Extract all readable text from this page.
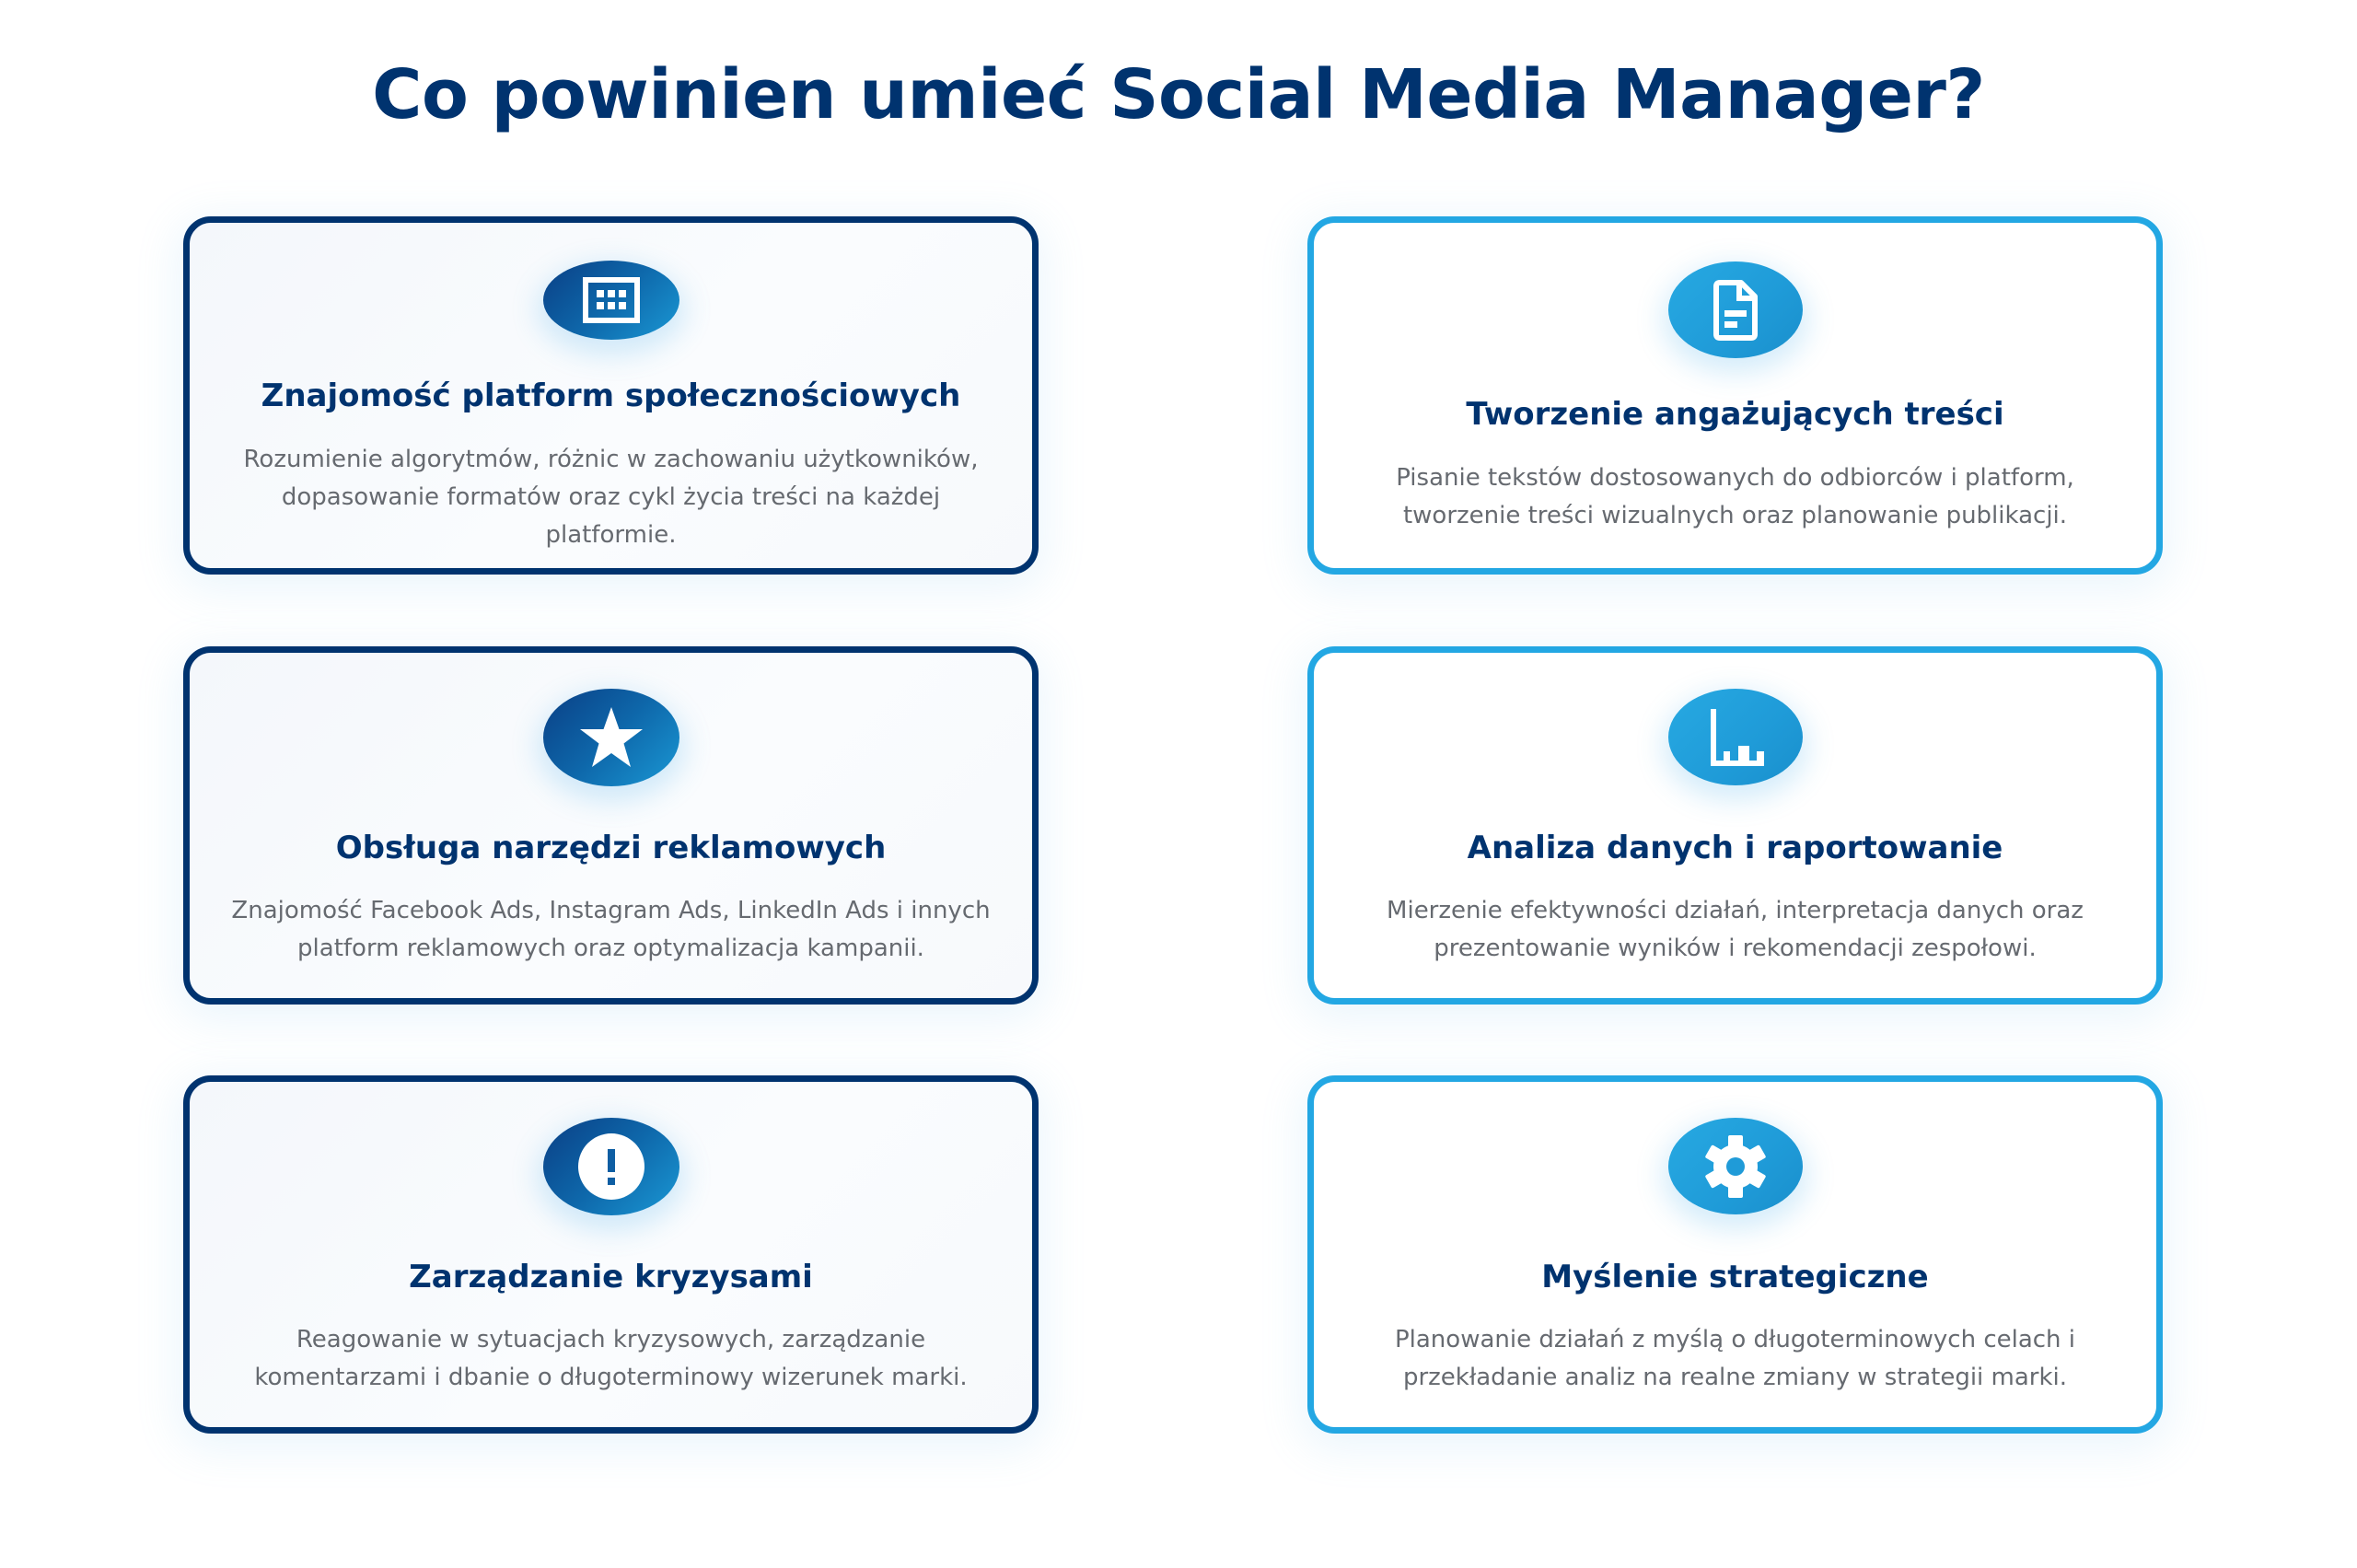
Co powinien umieć Social Media Manager?
Znajomość platform społecznościowych
Rozumienie algorytmów, różnic w zachowaniu użytkowników, dopasowanie formatów oraz cykl życia treści na każdej platformie.
Tworzenie angażujących treści
Pisanie tekstów dostosowanych do odbiorców i platform, tworzenie treści wizualnych oraz planowanie publikacji.
Obsługa narzędzi reklamowych
Znajomość Facebook Ads, Instagram Ads, LinkedIn Ads i innych platform reklamowych oraz optymalizacja kampanii.
Analiza danych i raportowanie
Mierzenie efektywności działań, interpretacja danych oraz prezentowanie wyników i rekomendacji zespołowi.
Zarządzanie kryzysami
Reagowanie w sytuacjach kryzysowych, zarządzanie komentarzami i dbanie o długoterminowy wizerunek marki.
Myślenie strategiczne
Planowanie działań z myślą o długoterminowych celach i przekładanie analiz na realne zmiany w strategii marki.
